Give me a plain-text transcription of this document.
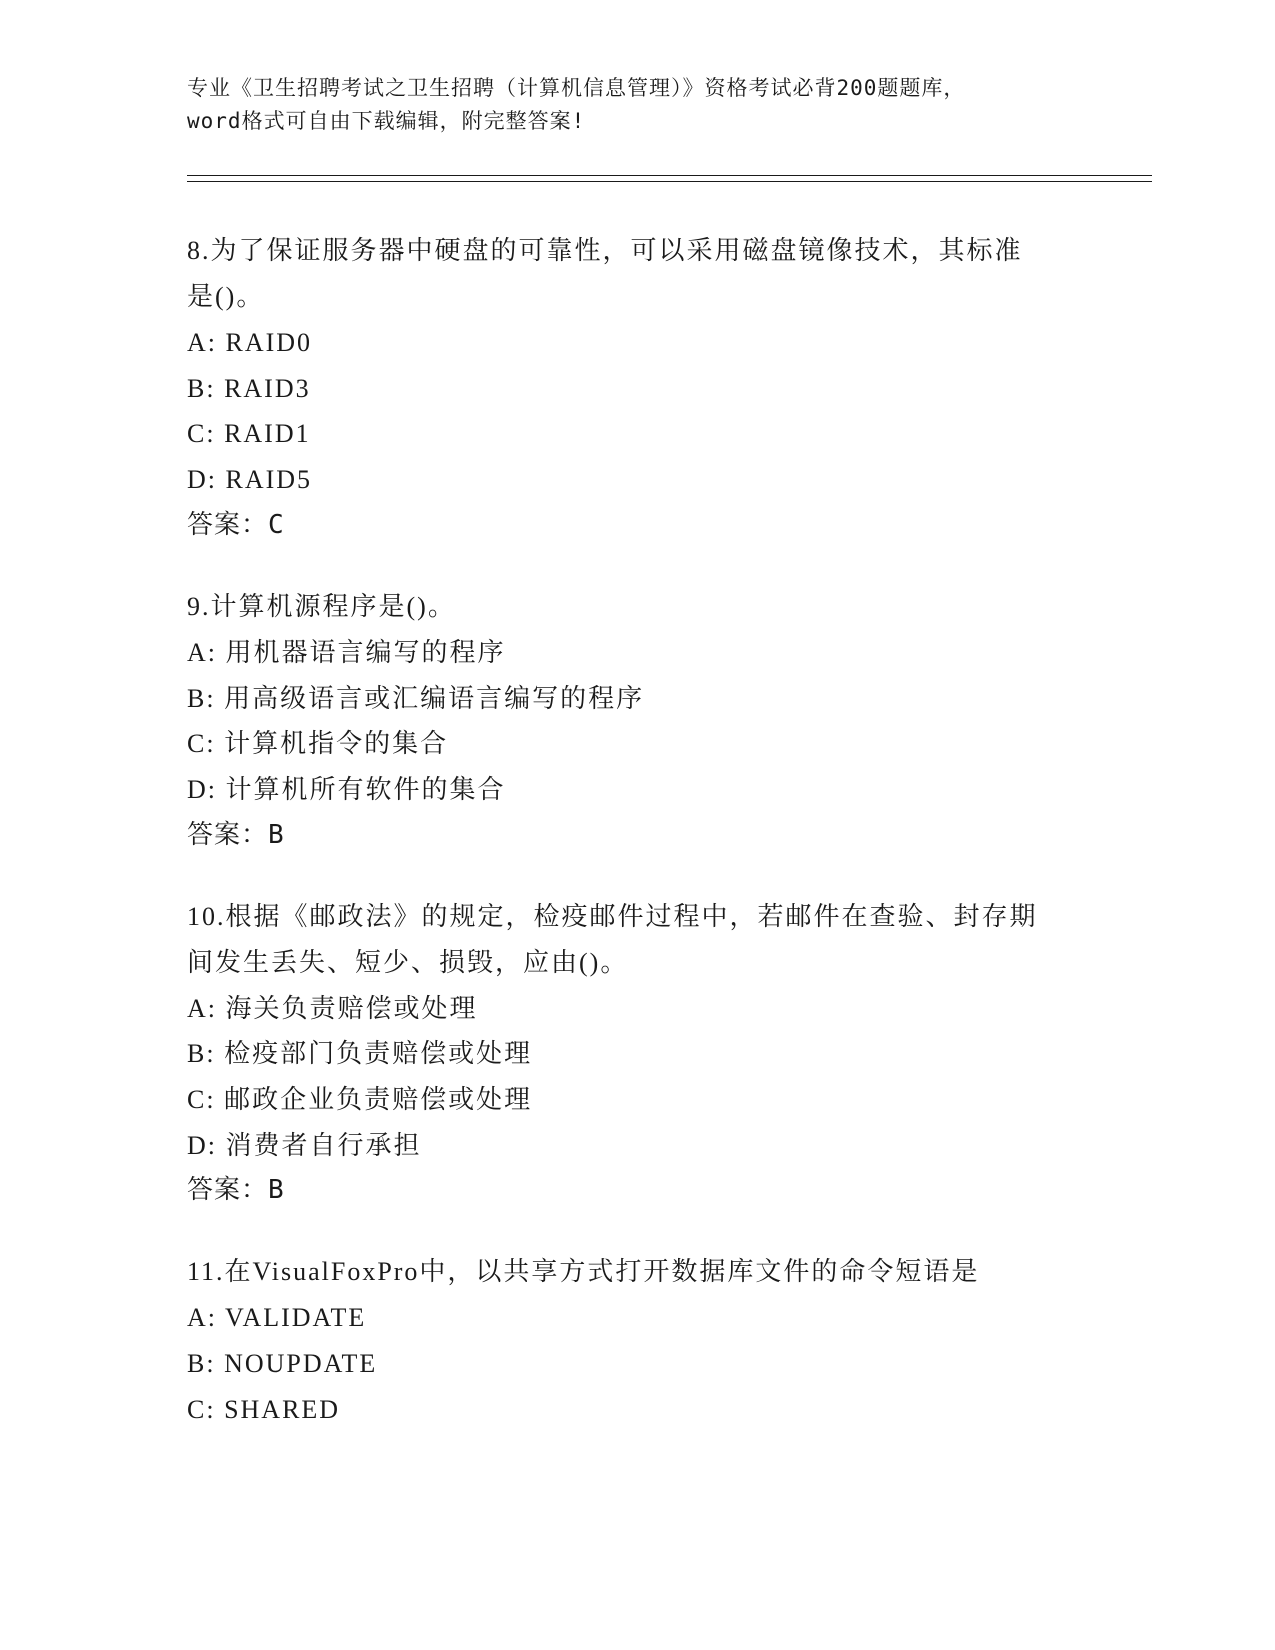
专业《卫生招聘考试之卫生招聘（计算机信息管理）》资格考试必背200题题库，

word格式可自由下载编辑，附完整答案!

8.为了保证服务器中硬盘的可靠性，可以采用磁盘镜像技术，其标准

是()。

A: RAID0

B: RAID3

C: RAID1

D: RAID5

答案：C

9.计算机源程序是()。

A: 用机器语言编写的程序

B: 用高级语言或汇编语言编写的程序

C: 计算机指令的集合

D: 计算机所有软件的集合

答案：B

10.根据《邮政法》的规定，检疫邮件过程中，若邮件在查验、封存期

间发生丢失、短少、损毁，应由()。

A: 海关负责赔偿或处理

B: 检疫部门负责赔偿或处理

C: 邮政企业负责赔偿或处理

D: 消费者自行承担

答案：B

11.在VisualFoxPro中，以共享方式打开数据库文件的命令短语是

A: VALIDATE

B: NOUPDATE

C: SHARED
